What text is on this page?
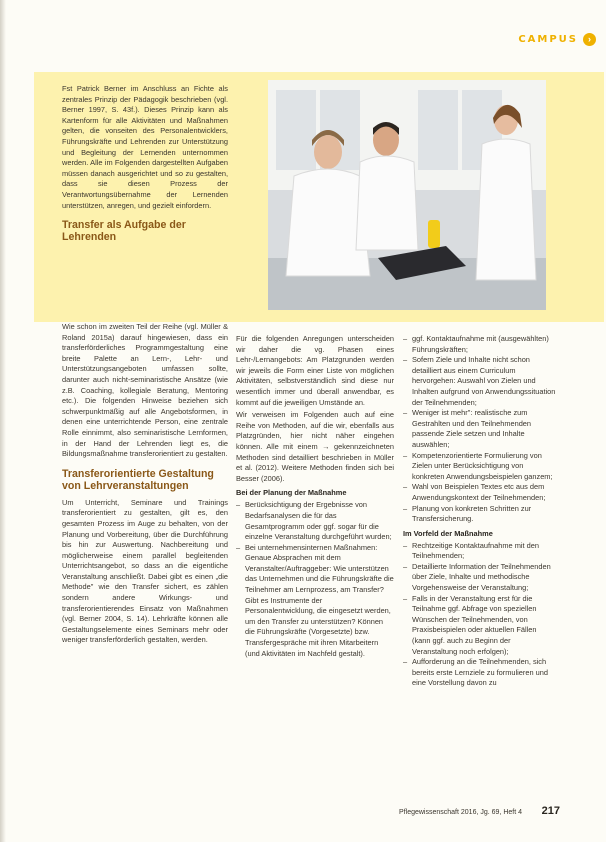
CAMPUS	›

Fst Patrick Berner im Anschluss an Fichte als zentrales Prinzip der Pädagogik beschrieben (vgl. Berner 1997, S. 43f.). Dieses Prinzip kann als Kartenform für alle Aktivitäten und Maßnahmen gelten, die vonseiten des Personalentwicklers, Führungskräfte und Lehrenden zur Unterstützung und Begleitung der Lernenden unternommen werden. Alle im Folgenden dargestellten Aufgaben müssen danach ausgerichtet und so zu gestalten, dass sie diesen Prozess der Verantwortungsübernahme der Lernenden unterstützen, anregen, und gezielt einfordern.

Transfer als Aufgabe der Lehrenden

Wie schon im zweiten Teil der Reihe (vgl. Müller & Roland 2015a) darauf hingewiesen, dass ein transferförderliches Programmgestaltung eine breite Palette an Lern-, Lehr- und Unterstützungsangeboten umfassen sollte, darunter auch nicht-seminaristische Ansätze (wie z.B. Coaching, kollegiale Beratung, Mentoring etc.). Die folgenden Hinweise beziehen sich schwerpunktmäßig auf alle Angebotsformen, in denen eine unterrichtende Person, eine zentrale Rolle einnimmt, also seminaristische Lernformen, in der Hand der Lehrenden liegt es, die Bildungsmaßnahme transferorientiert zu gestalten.

Transferorientierte Gestaltung von Lehrveranstaltungen

Um Unterricht, Seminare und Trainings transferorientiert zu gestalten, gilt es, den gesamten Prozess im Auge zu behalten, von der Planung und Vorbereitung, über die Durchführung bis hin zur Auswertung. Nachbereitung und möglicherweise einem parallel begleitenden Unterrichtsangebot, so dass an die eigentliche Veranstaltung anschließt. Dabei gibt es einen „die Methode" wie den Transfer sichert, es zählen sondern andere Wirkungs- und transferorientierendes Einsatz von Maßnahmen (vgl. Berner 2004, S. 14). Lehrkräfte können alle Gestaltungselemente eines Seminars mehr oder weniger transferförderlich gestalten, werden.

Für die folgenden Anregungen unterscheiden wir daher die vg. Phasen eines Lehr-/Lernangebots: Am Platzgrunden werden wir jeweils die Form einer Liste von möglichen Aktivitäten, selbstverständlich sind diese nur wesentlich immer und überall anwendbar, es kommt auf die jeweiligen Umstände an.

Wir verweisen im Folgenden auch auf eine Reihe von Methoden, auf die wir, ebenfalls aus Platzgründen, hier nicht näher eingehen können. Alle mit einem → gekennzeichneten Methoden sind detailliert beschrieben in Müller et al. (2012). Weitere Methoden finden sich bei Besser (2006).

Bei der Planung der Maßnahme
– Berücksichtigung der Ergebnisse von Bedarfsanalysen die für das Gesamtprogramm oder ggf. sogar für die einzelne Veranstaltung durchgeführt wurden;
– Bei unternehmensinternen Maßnahmen: Genaue Absprachen mit dem Veranstalter/Auftraggeber: Wie unterstützen das Unternehmen und die Führungskräfte die Teilnehmer am Lernprozess, am Transfer? Gibt es Instrumente der Personalentwicklung, die eingesetzt werden, um den Transfer zu unterstützen? Können die Führungskräfte (Vorgesetzte) bzw. Transfergespräche mit ihren Mitarbeitern (und Aktivitäten im Nachfeld gestalt).
– ggf. Kontaktaufnahme mit (ausgewählten) Führungskräften;
– Sofern Ziele und Inhalte nicht schon detailliert aus einem Curriculum hervorgehen: Auswahl von Zielen und Inhalten aufgrund von Anwendungssituation der Teilnehmenden;
– Weniger ist mehr": realistische zum Gestrahlten und den Teilnehmenden passende Ziele setzen und Inhalte auswählen;
– Kompetenzorientierte Formulierung von Zielen unter Berücksichtigung von konkreten Anwendungsbeispielen ganzem;
– Wahl von Beispielen Textes etc aus dem Anwendungskontext der Teilnehmenden;
– Planung von konkreten Schritten zur Transfersicherung.
Im Vorfeld der Maßnahme
– Rechtzeitige Kontaktaufnahme mit den Teilnehmenden;
– Detaillierte Information der Teilnehmenden über Ziele, Inhalte und methodische Vorgehensweise der Veranstaltung;
– Falls in der Veranstaltung erst für die Teilnahme ggf. Abfrage von speziellen Wünschen der Teilnehmenden, von Praxisbeispielen oder aktuellen Fällen (kann ggf. auch zu Beginn der Veranstaltung noch erfolgen);
– Aufforderung an die Teilnehmenden, sich bereits erste Lernziele zu formulieren und eine Vorstellung davon zu
Pflegewissenschaft 2016, Jg. 69, Heft 4 217
